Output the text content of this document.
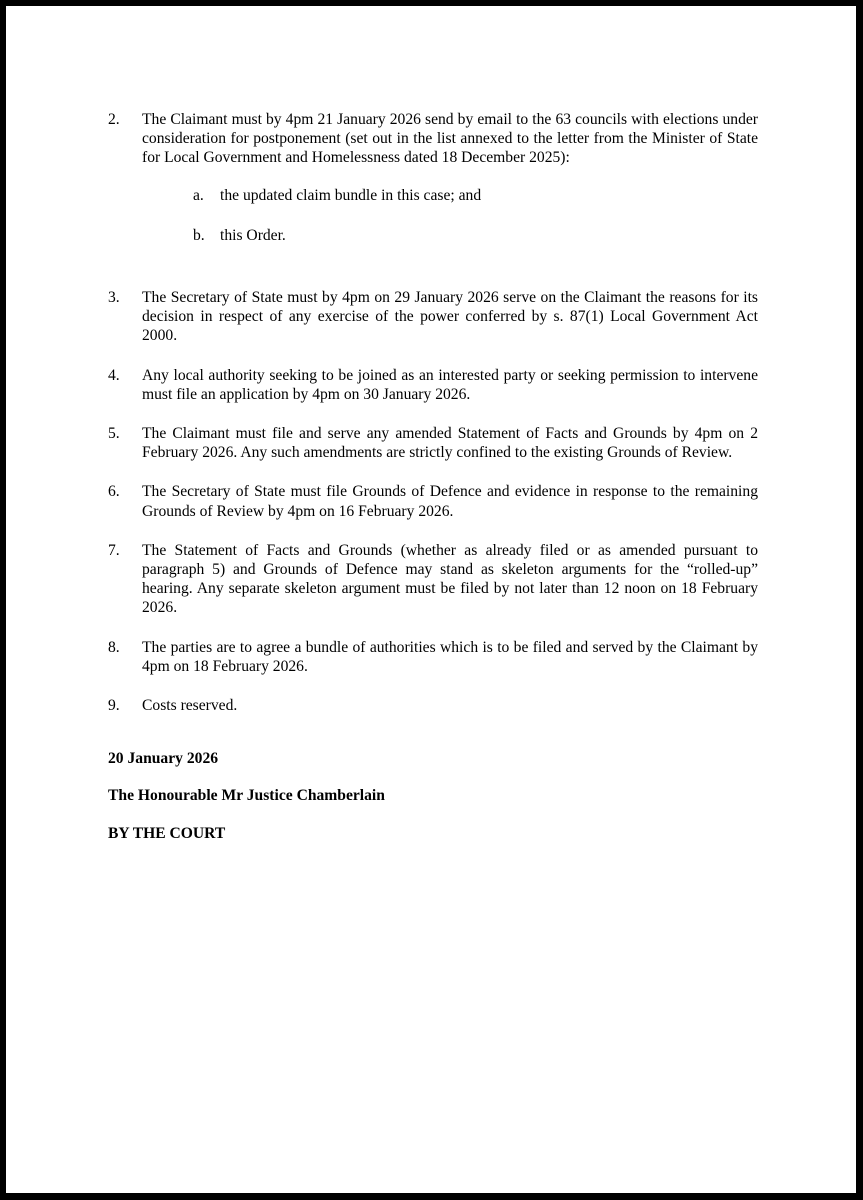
2. The Claimant must by 4pm 21 January 2026 send by email to the 63 councils with elections under consideration for postponement (set out in the list annexed to the letter from the Minister of State for Local Government and Homelessness dated 18 December 2025):
a. the updated claim bundle in this case; and
b. this Order.
3. The Secretary of State must by 4pm on 29 January 2026 serve on the Claimant the reasons for its decision in respect of any exercise of the power conferred by s. 87(1) Local Government Act 2000.
4. Any local authority seeking to be joined as an interested party or seeking permission to intervene must file an application by 4pm on 30 January 2026.
5. The Claimant must file and serve any amended Statement of Facts and Grounds by 4pm on 2 February 2026. Any such amendments are strictly confined to the existing Grounds of Review.
6. The Secretary of State must file Grounds of Defence and evidence in response to the remaining Grounds of Review by 4pm on 16 February 2026.
7. The Statement of Facts and Grounds (whether as already filed or as amended pursuant to paragraph 5) and Grounds of Defence may stand as skeleton arguments for the “rolled-up” hearing. Any separate skeleton argument must be filed by not later than 12 noon on 18 February 2026.
8. The parties are to agree a bundle of authorities which is to be filed and served by the Claimant by 4pm on 18 February 2026.
9. Costs reserved.
20 January 2026
The Honourable Mr Justice Chamberlain
BY THE COURT
